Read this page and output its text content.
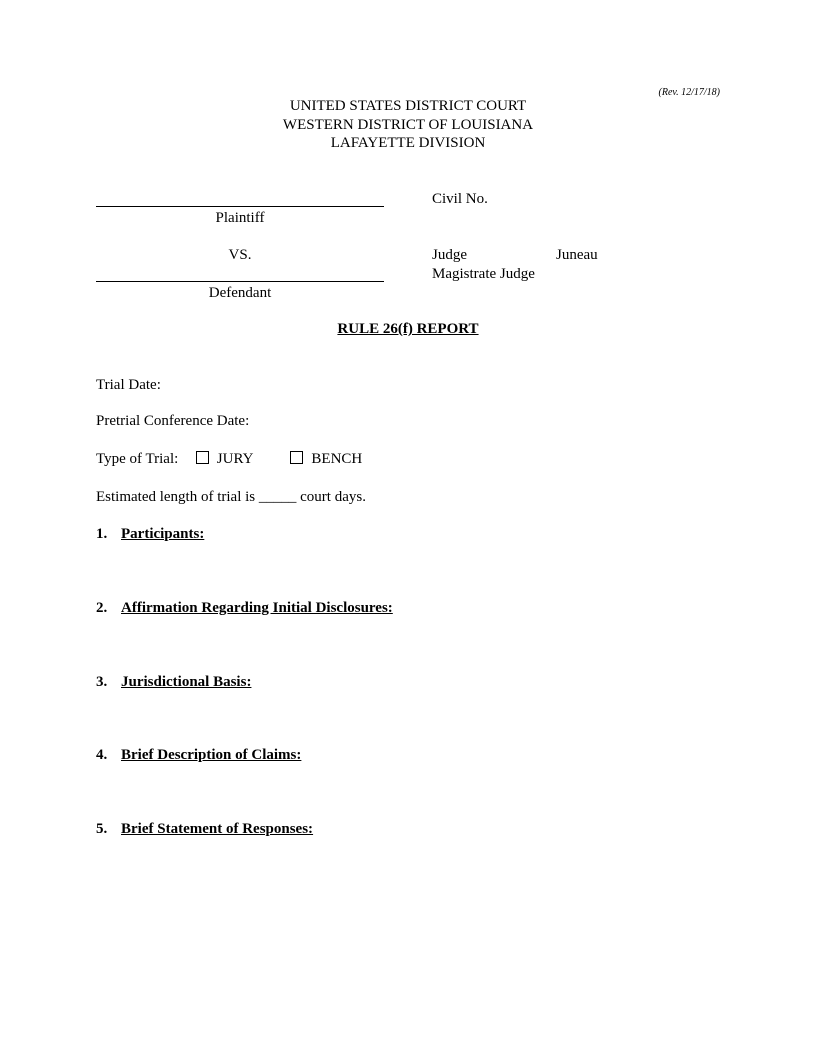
(Rev. 12/17/18)
UNITED STATES DISTRICT COURT
WESTERN DISTRICT OF LOUISIANA
LAFAYETTE DIVISION
Plaintiff
VS.
Defendant
Civil No.
Judge	Juneau
Magistrate Judge
RULE 26(f) REPORT
Trial Date:
Pretrial Conference Date:
Type of Trial:	JURY	BENCH
Estimated length of trial is _____ court days.
1. Participants:
2. Affirmation Regarding Initial Disclosures:
3. Jurisdictional Basis:
4. Brief Description of Claims:
5. Brief Statement of Responses:
